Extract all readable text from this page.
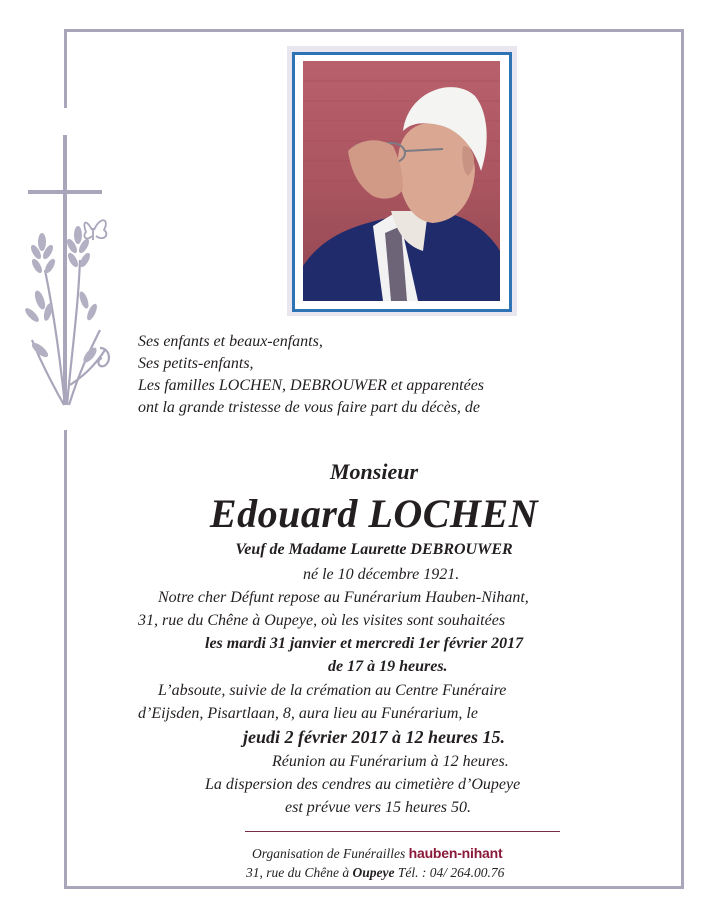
Ses enfants et beaux-enfants,
Ses petits-enfants,
Les familles LOCHEN, DEBROUWER et apparentées
ont la grande tristesse de vous faire part du décès, de
Monsieur
Edouard LOCHEN
Veuf de Madame Laurette DEBROUWER
né le 10 décembre 1921.
Notre cher Défunt repose au Funérarium Hauben-Nihant,
31, rue du Chêne à Oupeye, où les visites sont souhaitées
les mardi 31 janvier et mercredi 1er février 2017
de 17 à 19 heures.
L’absoute, suivie de la crémation au Centre Funéraire
d’Eijsden, Pisartlaan, 8, aura lieu au Funérarium, le
jeudi 2 février 2017 à 12 heures 15.
Réunion au Funérarium à 12 heures.
La dispersion des cendres au cimetière d’Oupeye
est prévue vers 15 heures 50.
Organisation de Funérailles hauben-nihant
31, rue du Chêne à Oupeye Tél. : 04/ 264.00.76
